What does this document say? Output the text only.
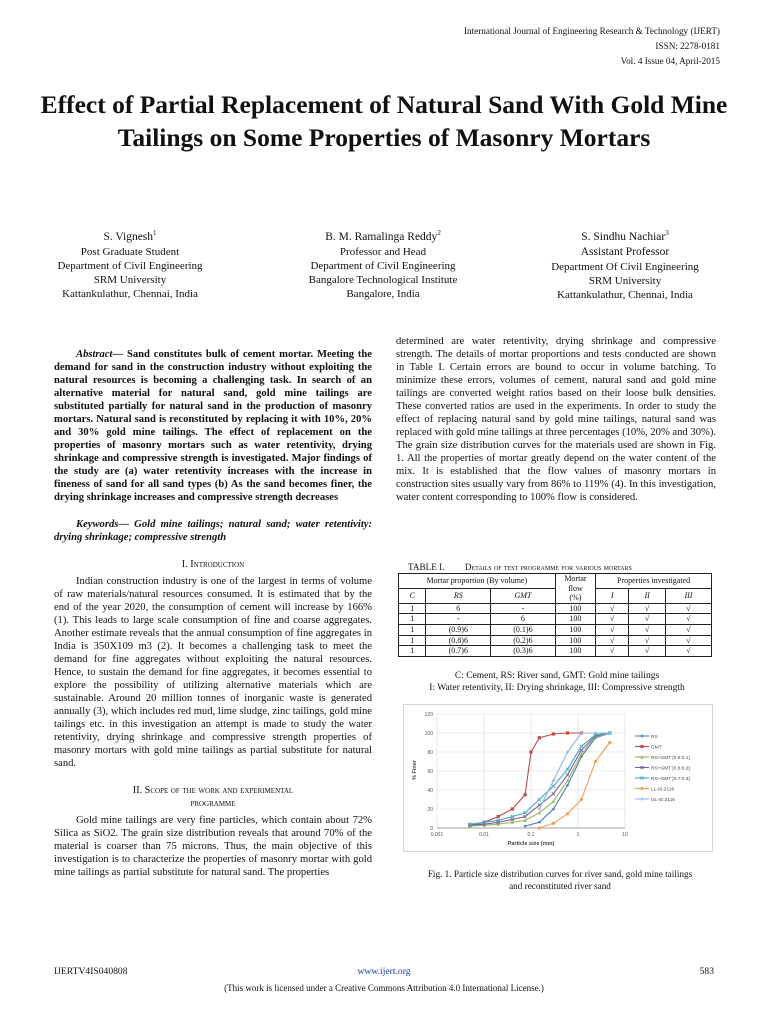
International Journal of Engineering Research & Technology (IJERT)
ISSN: 2278-0181
Vol. 4 Issue 04, April-2015
Effect of Partial Replacement of Natural Sand With Gold Mine Tailings on Some Properties of Masonry Mortars
S. Vignesh$^1$
Post Graduate Student
Department of Civil Engineering
SRM University
Kattankulathur, Chennai, India
B. M. Ramalinga Reddy$^2$
Professor and Head
Department of Civil Engineering
Bangalore Technological Institute
Bangalore, India
S. Sindhu Nachiar$^3$
Assistant Professor
Department Of Civil Engineering
SRM University
Kattankulathur, Chennai, India

Abstract— Sand constitutes bulk of cement mortar. Meeting the demand for sand in the construction industry without exploiting the natural resources is becoming a challenging task. In search of an alternative material for natural sand, gold mine tailings are substituted partially for natural sand in the production of masonry mortars. Natural sand is reconstituted by replacing it with 10%, 20% and 30% gold mine tailings. The effect of replacement on the properties of masonry mortars such as water retentivity, drying shrinkage and compressive strength is investigated. Major findings of the study are (a) water retentivity increases with the increase in fineness of sand for all sand types (b) As the sand becomes finer, the drying shrinkage increases and compressive strength decreases

Keywords— Gold mine tailings; natural sand; water retentivity: drying shrinkage; compressive strength

I. Introduction

Indian construction industry is one of the largest in terms of volume of raw materials/natural resources consumed. It is estimated that by the end of the year 2020, the consumption of cement will increase by 166% (1). This leads to large scale consumption of fine and coarse aggregates. Another estimate reveals that the annual consumption of fine aggregates in India is 350X109 m3 (2). It becomes a challenging task to meet the demand for fine aggregates without exploiting the natural resources. Hence, to sustain the demand for fine aggregates, it becomes essential to explore the possibility of utilizing alternative materials which are sustainable. Around 20 million tonnes of inorganic waste is generated annually (3), which includes red mud, lime sludge, zinc tailings, gold mine tailings etc. in this investigation an attempt is made to study the water retentivity, drying shrinkage and compressive strength properties of masonry mortars with gold mine tailings as partial substitute for natural sand.

II. Scope of the work and experimental
programme

Gold mine tailings are very fine particles, which contain about 72% Silica as SiO2. The grain size distribution reveals that around 70% of the material is coarser than 75 microns. Thus, the main objective of this investigation is to characterize the properties of masonry mortar with gold mine tailings as partial substitute for natural sand. The properties

determined are water retentivity, drying shrinkage and compressive strength. The details of mortar proportions and tests conducted are shown in Table I. Certain errors are bound to occur in volume batching. To minimize these errors, volumes of cement, natural sand and gold mine tailings are converted weight ratios based on their loose bulk densities. These converted ratios are used in the experiments. In order to study the effect of replacing natural sand by gold mine tailings, natural sand was replaced with gold mine tailings at three percentages (10%, 20% and 30%). The grain size distribution curves for the materials used are shown in Fig. 1. All the properties of mortar greatly depend on the water content of the mix. It is established that the flow values of masonry mortars in construction sites usually vary from 86% to 119% (4). In this investigation, water content corresponding to 100% flow is considered.
TABLE I. Details of test programme for various mortars
Mortar proportion (By volume)			Mortar
flow
(%)	Properties investigated		
C	RS	GMT		I	II	III
1	6	-	100	√	√	√
1	-	6	100	√	√	√
1	(0.9)6	(0.1)6	100	√	√	√
1	(0.8)6	(0.2)6	100	√	√	√
1	(0.7)6	(0.3)6	100	√	√	√
C: Cement, RS: River sand, GMT: Gold mine tailings
I: Water retentivity, II: Drying shrinkage, III: Compressive strength
0
20
40
60
80
100
120
0.001	0.01	0.1	1	10
RS
GMT
RS+GMT [0.9:0.1]
RS+GMT [0.8:0.2]
RS+GMT [0.7:0.3]
LL-IS:2116
UL-IS:2116
% Finer
Particle size (mm)
Fig. 1. Particle size distribution curves for river sand, gold mine tailings
and reconstituted river sand
IJERTV4IS040808	www.ijert.org	583
(This work is licensed under a Creative Commons Attribution 4.0 International License.)
